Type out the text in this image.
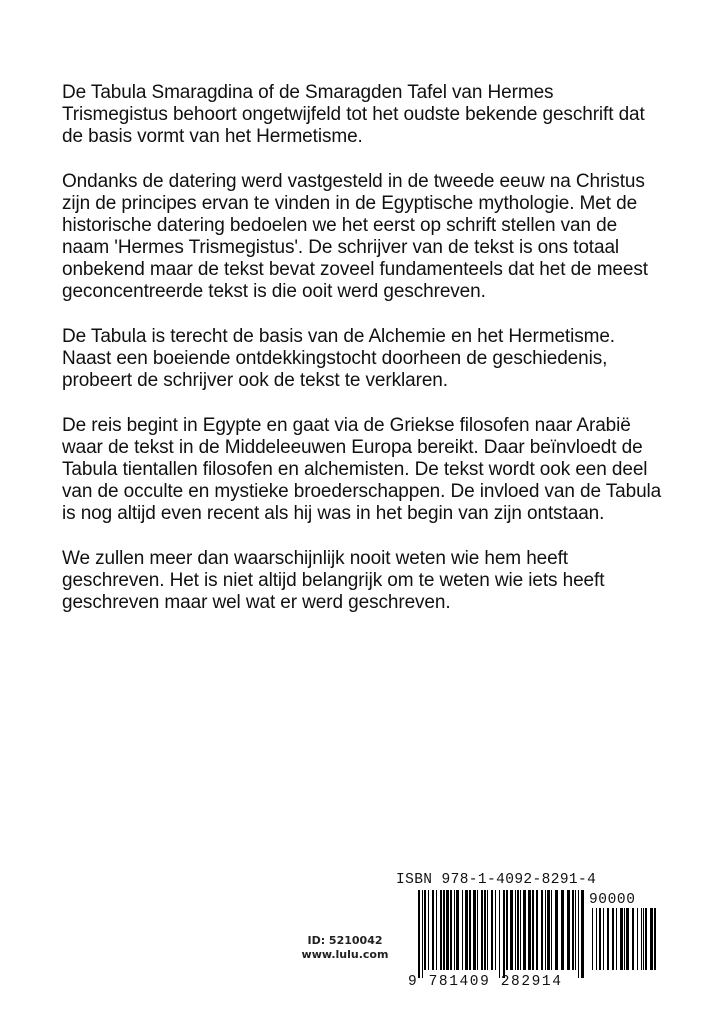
De Tabula Smaragdina of de Smaragden Tafel van Hermes Trismegistus behoort ongetwijfeld tot het oudste bekende geschrift dat de basis vormt van het Hermetisme.

Ondanks de datering werd vastgesteld in de tweede eeuw na Christus zijn de principes ervan te vinden in de Egyptische mythologie. Met de historische datering bedoelen we het eerst op schrift stellen van de naam 'Hermes Trismegistus'. De schrijver van de tekst is ons totaal onbekend maar de tekst bevat zoveel fundamenteels dat het de meest geconcentreerde tekst is die ooit werd geschreven.

De Tabula is terecht de basis van de Alchemie en het Hermetisme. Naast een boeiende ontdekkingstocht doorheen de geschiedenis, probeert de schrijver ook de tekst te verklaren.

De reis begint in Egypte en gaat via de Griekse filosofen naar Arabië waar de tekst in de Middeleeuwen Europa bereikt. Daar beïnvloedt de Tabula tientallen filosofen en alchemisten. De tekst wordt ook een deel van de occulte en mystieke broederschappen. De invloed van de Tabula is nog altijd even recent als hij was in het begin van zijn ontstaan.

We zullen meer dan waarschijnlijk nooit weten wie hem heeft geschreven. Het is niet altijd belangrijk om te weten wie iets heeft geschreven maar wel wat er werd geschreven.

ID: 5210042
www.lulu.com
ISBN 978-1-4092-8291-4
90000
9 781409 282914
